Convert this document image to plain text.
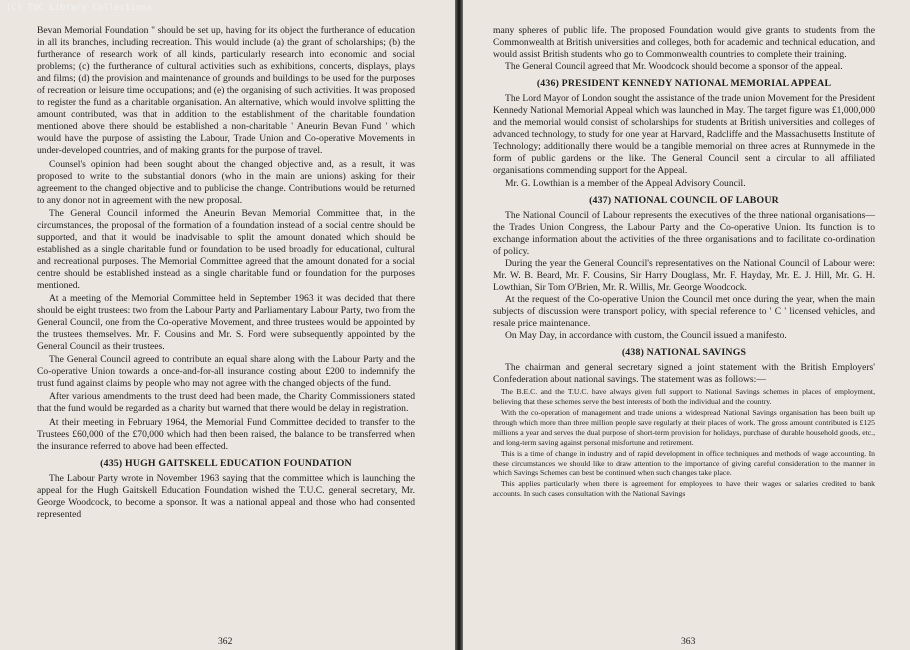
(C) TUC Library Collections

Bevan Memorial Foundation " should be set up, having for its object the furtherance of education in all its branches, including recreation. This would include (a) the grant of scholarships; (b) the furtherance of research work of all kinds, particularly research into economic and social problems; (c) the furtherance of cultural activities such as exhibitions, concerts, displays, plays and films; (d) the provision and maintenance of grounds and buildings to be used for the purposes of recreation or leisure time occupations; and (e) the organising of such activities. It was proposed to register the fund as a charitable organisation. An alternative, which would involve splitting the amount contributed, was that in addition to the establishment of the charitable foundation mentioned above there should be established a non-charitable ' Aneurin Bevan Fund ' which would have the purpose of assisting the Labour, Trade Union and Co-operative Movements in under-developed countries, and of making grants for the purpose of travel.

Counsel's opinion had been sought about the changed objective and, as a result, it was proposed to write to the substantial donors (who in the main are unions) asking for their agreement to the changed objective and to publicise the change. Contributions would be returned to any donor not in agreement with the new proposal.

The General Council informed the Aneurin Bevan Memorial Committee that, in the circumstances, the proposal of the formation of a foundation instead of a social centre should be supported, and that it would be inadvisable to split the amount donated which should be established as a single charitable fund or foundation to be used broadly for educational, cultural and recreational purposes. The Memorial Committee agreed that the amount donated for a social centre should be established instead as a single charitable fund or foundation for the purposes mentioned.

At a meeting of the Memorial Committee held in September 1963 it was decided that there should be eight trustees: two from the Labour Party and Parliamentary Labour Party, two from the General Council, one from the Co-operative Movement, and three trustees would be appointed by the trustees themselves. Mr. F. Cousins and Mr. S. Ford were subsequently appointed by the General Council as their trustees.

The General Council agreed to contribute an equal share along with the Labour Party and the Co-operative Union towards a once-and-for-all insurance costing about £200 to indemnify the trust fund against claims by people who may not agree with the changed objects of the fund.

After various amendments to the trust deed had been made, the Charity Commissioners stated that the fund would be regarded as a charity but warned that there would be delay in registration.

At their meeting in February 1964, the Memorial Fund Committee decided to transfer to the Trustees £60,000 of the £70,000 which had then been raised, the balance to be transferred when the insurance referred to above had been effected.

(435) HUGH GAITSKELL EDUCATION FOUNDATION

The Labour Party wrote in November 1963 saying that the committee which is launching the appeal for the Hugh Gaitskell Education Foundation wished the T.U.C. general secretary, Mr. George Woodcock, to become a sponsor. It was a national appeal and those who had consented represented

362

many spheres of public life. The proposed Foundation would give grants to students from the Commonwealth at British universities and colleges, both for academic and technical education, and would assist British students who go to Commonwealth countries to complete their training.

The General Council agreed that Mr. Woodcock should become a sponsor of the appeal.

(436) PRESIDENT KENNEDY NATIONAL MEMORIAL APPEAL

The Lord Mayor of London sought the assistance of the trade union Movement for the President Kennedy National Memorial Appeal which was launched in May. The target figure was £1,000,000 and the memorial would consist of scholarships for students at British universities and colleges of advanced technology, to study for one year at Harvard, Radcliffe and the Massachusetts Institute of Technology; additionally there would be a tangible memorial on three acres at Runnymede in the form of public gardens or the like. The General Council sent a circular to all affiliated organisations commending support for the Appeal.

Mr. G. Lowthian is a member of the Appeal Advisory Council.

(437) NATIONAL COUNCIL OF LABOUR

The National Council of Labour represents the executives of the three national organisations—the Trades Union Congress, the Labour Party and the Co-operative Union. Its function is to exchange information about the activities of the three organisations and to facilitate co-ordination of policy.

During the year the General Council's representatives on the National Council of Labour were: Mr. W. B. Beard, Mr. F. Cousins, Sir Harry Douglass, Mr. F. Hayday, Mr. E. J. Hill, Mr. G. H. Lowthian, Sir Tom O'Brien, Mr. R. Willis, Mr. George Woodcock.

At the request of the Co-operative Union the Council met once during the year, when the main subjects of discussion were transport policy, with special reference to ' C ' licensed vehicles, and resale price maintenance.

On May Day, in accordance with custom, the Council issued a manifesto.

(438) NATIONAL SAVINGS

The chairman and general secretary signed a joint statement with the British Employers' Confederation about national savings. The statement was as follows:—

The B.E.C. and the T.U.C. have always given full support to National Savings schemes in places of employment, believing that these schemes serve the best interests of both the individual and the country.

With the co-operation of management and trade unions a widespread National Savings organisation has been built up through which more than three million people save regularly at their places of work. The gross amount contributed is £125 millions a year and serves the dual purpose of short-term provision for holidays, purchase of durable household goods, etc., and long-term saving against personal misfortune and retirement.

This is a time of change in industry and of rapid development in office techniques and methods of wage accounting. In these circumstances we should like to draw attention to the importance of giving careful consideration to the manner in which Savings Schemes can best be continued when such changes take place.

This applies particularly when there is agreement for employees to have their wages or salaries credited to bank accounts. In such cases consultation with the National Savings

363
